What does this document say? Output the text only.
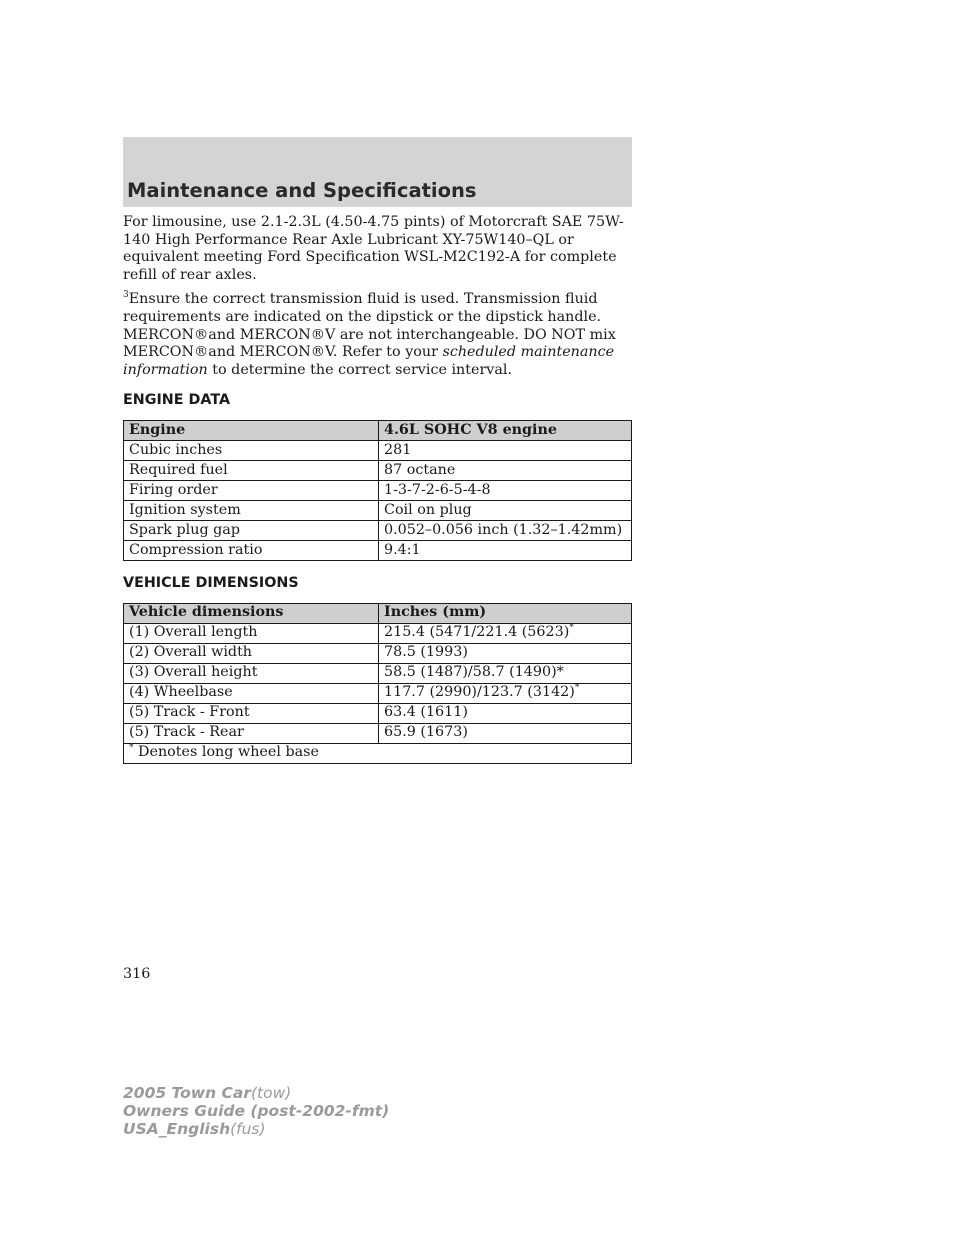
Maintenance and Specifications

For limousine, use 2.1-2.3L (4.50-4.75 pints) of Motorcraft SAE 75W-140 High Performance Rear Axle Lubricant XY-75W140–QL or equivalent meeting Ford Specification WSL-M2C192-A for complete refill of rear axles.

$^3$Ensure the correct transmission fluid is used. Transmission fluid requirements are indicated on the dipstick or the dipstick handle. MERCON®and MERCON®V are not interchangeable. DO NOT mix MERCON®and MERCON®V. Refer to your scheduled maintenance information to determine the correct service interval.

ENGINE DATA
Engine	4.6L SOHC V8 engine
Cubic inches	281
Required fuel	87 octane
Firing order	1-3-7-2-6-5-4-8
Ignition system	Coil on plug
Spark plug gap	0.052–0.056 inch (1.32–1.42mm)
Compression ratio	9.4:1
VEHICLE DIMENSIONS
Vehicle dimensions	Inches (mm)
(1) Overall length	215.4 (5471/221.4 (5623)*
(2) Overall width	78.5 (1993)
(3) Overall height	58.5 (1487)/58.7 (1490)*
(4) Wheelbase	117.7 (2990)/123.7 (3142)*
(5) Track - Front	63.4 (1611)
(5) Track - Rear	65.9 (1673)
* Denotes long wheel base	

316

2005 Town Car(tow)
Owners Guide (post-2002-fmt)
USA_English(fus)
